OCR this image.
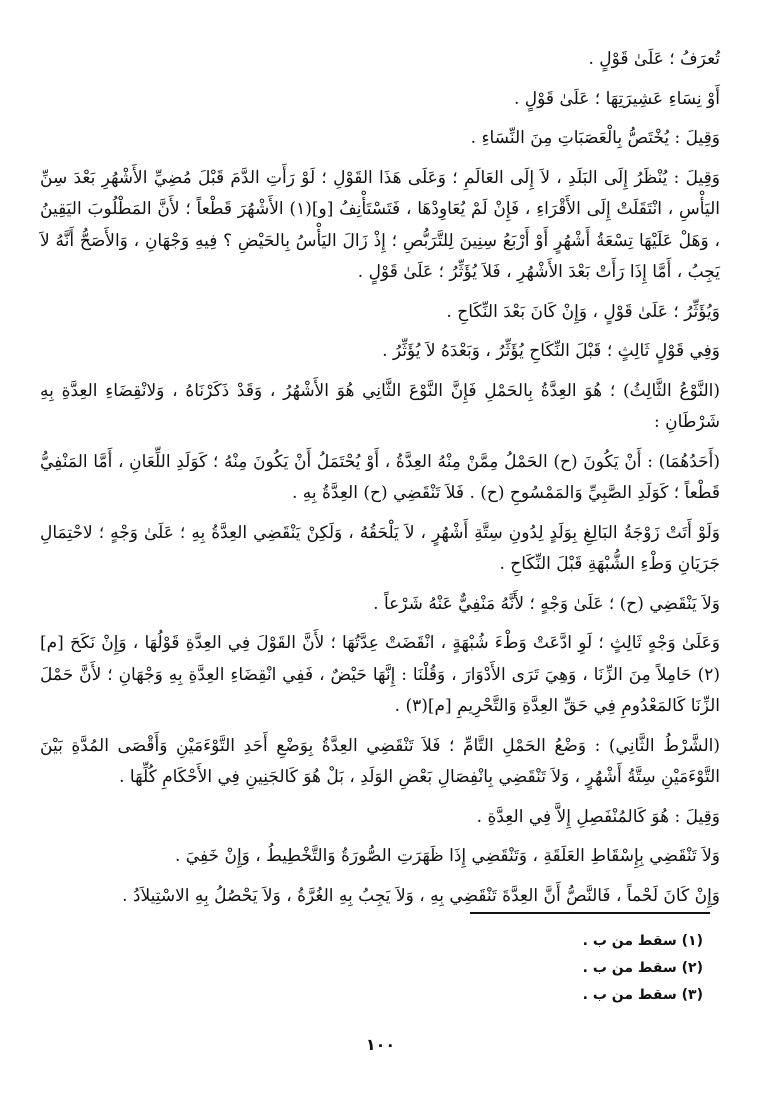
تُعرَفُ ؛ عَلَىٰ قَوْلٍ .

أَوْ نِسَاءِ عَشِيرَتِهَا ؛ عَلَىٰ قَوْلٍ .

وَقِيلَ : يُخْتَصُّ بِالْعَصَبَاتِ مِنَ النِّسَاءِ .

وَقِيلَ : يُنْظَرُ إِلَى البَلَدِ ، لاَ إِلَى العَالَمِ ؛ وَعَلَى هَذَا القَوْلِ ؛ لَوْ رَأَتِ الدَّمَ قَبْلَ مُضِيِّ الأَشْهُرِ بَعْدَ سِنِّ اليَأْسِ ، انْتَقَلَتْ إِلَى الأَقْرَاءِ ، فَإِنْ لَمْ يُعَاوِدْهَا ، فَتَسْتَأْنِفُ [و](١) الأَشْهُرَ قَطْعاً ؛ لأَنَّ المَطْلُوبَ اليَقِينُ ، وَهَلْ عَلَيْهَا تِسْعَةُ أَشْهُرٍ أَوْ أَرْبَعُ سِنِينَ لِلتَّرَبُّصِ ؛ إِذْ زَالَ اليَأْسُ بِالحَيْضِ ؟ فِيهِ وَجْهَانِ ، وَالأَصَحُّ أَنَّهُ لاَ يَجِبُ ، أَمَّا إِذَا رَأَتْ بَعْدَ الأَشْهُرِ ، فَلاَ يُؤَثِّرُ ؛ عَلَىٰ قَوْلٍ .

وَيُؤَثِّرُ ؛ عَلَىٰ قَوْلٍ ، وَإِنْ كَانَ بَعْدَ النِّكَاحِ .

وَفِي قَوْلٍ ثَالِثٍ ؛ قَبْلَ النِّكَاحِ يُؤَثِّرُ ، وَبَعْدَهُ لاَ يُؤَثِّرُ .

(النَّوْعُ الثَّالِثُ) ؛ هُوَ العِدَّةُ بِالحَمْلِ فَإِنَّ النَّوْعَ الثَّانِي هُوَ الأَشْهُرُ ، وَقَدْ ذَكَرْنَاهُ ، وَلانْقِضَاءِ العِدَّةِ بِهِ شَرْطَانِ :

(أَحَدُهُمَا) : أَنْ يَكُونَ (ح) الحَمْلُ مِمَّنْ مِنْهُ العِدَّةُ ، أَوْ يُحْتَمَلُ أَنْ يَكُونَ مِنْهُ ؛ كَوَلَدِ اللِّعَانِ ، أَمَّا المَنْفِيُّ قَطْعاً ؛ كَوَلَدِ الصَّبِيِّ وَالمَمْسُوحِ (ح) . فَلاَ تَنْقَضِي (ح) العِدَّةُ بِهِ .

وَلَوْ أَتَتْ زَوْجَةُ البَالِغِ بِوَلَدٍ لِدُونِ سِتَّةِ أَشْهُرٍ ، لاَ يَلْحَقُهُ ، وَلَكِنْ يَنْقَضِي العِدَّةُ بِهِ ؛ عَلَىٰ وَجْهٍ ؛ لاحْتِمَالِ جَرَيَانِ وَطْءِ الشُّبْهَةِ قَبْلَ النِّكَاحِ .

وَلاَ يَنْقَضِي (ح) ؛ عَلَىٰ وَجْهٍ ؛ لأَنَّهُ مَنْفِيٌّ عَنْهُ شَرْعاً .

وَعَلَىٰ وَجْهٍ ثَالِثٍ ؛ لَوِ ادَّعَتْ وَطْءَ شُبْهَةٍ ، انْقَضَتْ عِدَّتُهَا ؛ لأَنَّ القَوْلَ فِي العِدَّةِ قَوْلُهَا ، وَإِنْ نَكَحَ [م](٢) حَامِلاً مِنَ الزِّنَا ، وَهِيَ تَرَى الأَدْوَارَ ، وَقُلْنَا : إِنَّهَا حَيْضٌ ، فَفِي انْقِضَاءِ العِدَّةِ بِهِ وَجْهَانِ ؛ لأَنَّ حَمْلَ الزِّنَا كَالمَعْدُومِ فِي حَقِّ العِدَّةِ وَالتَّحْرِيمِ [م](٣) .

(الشَّرْطُ الثَّانِي) : وَضْعُ الحَمْلِ التَّامِّ ؛ فَلاَ تَنْقَضِي العِدَّةُ بِوَضْعِ أَحَدِ التَّوْءَمَيْنِ وَأَقْصَى المُدَّةِ بَيْنَ التَّوْءَمَيْنِ سِتَّةُ أَشْهُرٍ ، وَلاَ تَنْقَضِي بِانْفِصَالِ بَعْضِ الوَلَدِ ، بَلْ هُوَ كَالجَنِينِ فِي الأَحْكَامِ كُلِّهَا .

وَقِيلَ : هُوَ كَالمُنْفَصِلِ إِلاَّ فِي العِدَّةِ .

وَلاَ تَنْقَضِي بِإِسْقَاطِ العَلَقَةِ ، وَتَنْقَضِي إِذَا ظَهَرَتِ الصُّورَةُ وَالتَّخْطِيطُ ، وَإِنْ خَفِيَ .

وَإِنْ كَانَ لَحْماً ، فَالنَّصُّ أَنَّ العِدَّةَ تَنْقَضِي بِهِ ، وَلاَ يَجِبُ بِهِ الغُرَّةُ ، وَلاَ يَحْصُلُ بِهِ الاسْتِيلاَدُ .

(١) سقط من ب .
(٢) سقط من ب .
(٣) سقط من ب .
١٠٠
